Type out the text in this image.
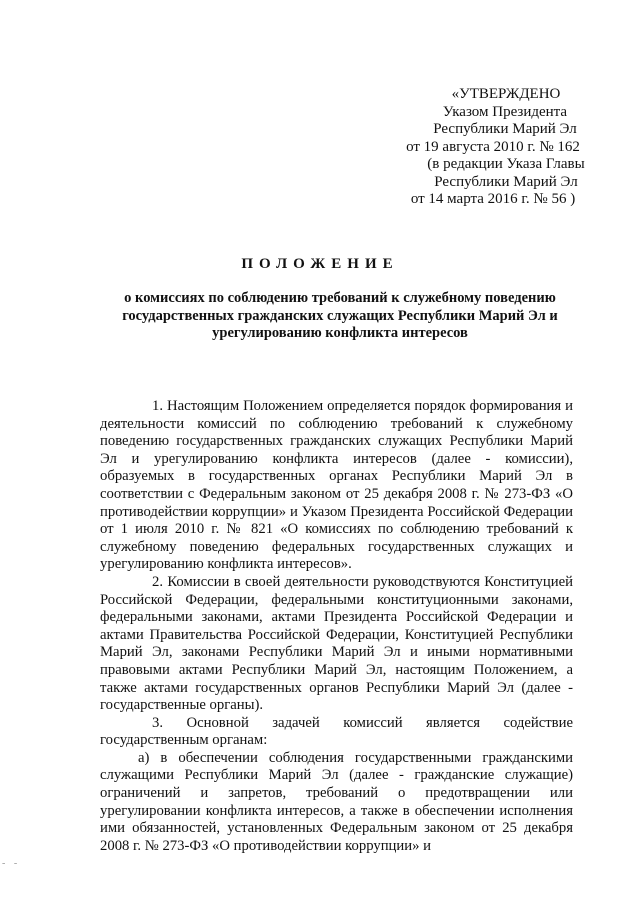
«УТВЕРЖДЕНО
Указом Президента
Республики Марий Эл
от 19 августа 2010 г. № 162
(в редакции Указа Главы
Республики Марий Эл
от 14 марта 2016 г. № 56 )
ПОЛОЖЕНИЕ
о комиссиях по соблюдению требований к служебному поведению государственных гражданских служащих Республики Марий Эл и урегулированию конфликта интересов

1. Настоящим Положением определяется порядок формирования и деятельности комиссий по соблюдению требований к служебному поведению государственных гражданских служащих Республики Марий Эл и урегулированию конфликта интересов (далее - комиссии), образуемых в государственных органах Республики Марий Эл в соответствии с Федеральным законом от 25 декабря 2008 г. № 273-ФЗ «О противодействии коррупции» и Указом Президента Российской Федерации от 1 июля 2010 г. № 821 «О комиссиях по соблюдению требований к служебному поведению федеральных государственных служащих и урегулированию конфликта интересов».

2. Комиссии в своей деятельности руководствуются Конституцией Российской Федерации, федеральными конституционными законами, федеральными законами, актами Президента Российской Федерации и актами Правительства Российской Федерации, Конституцией Республики Марий Эл, законами Республики Марий Эл и иными нормативными правовыми актами Республики Марий Эл, настоящим Положением, а также актами государственных органов Республики Марий Эл (далее - государственные органы).

3. Основной задачей комиссий является содействие государственным органам:

а) в обеспечении соблюдения государственными гражданскими служащими Республики Марий Эл (далее - гражданские служащие) ограничений и запретов, требований о предотвращении или урегулировании конфликта интересов, а также в обеспечении исполнения ими обязанностей, установленных Федеральным законом от 25 декабря 2008 г. № 273-ФЗ «О противодействии коррупции» и

- -
